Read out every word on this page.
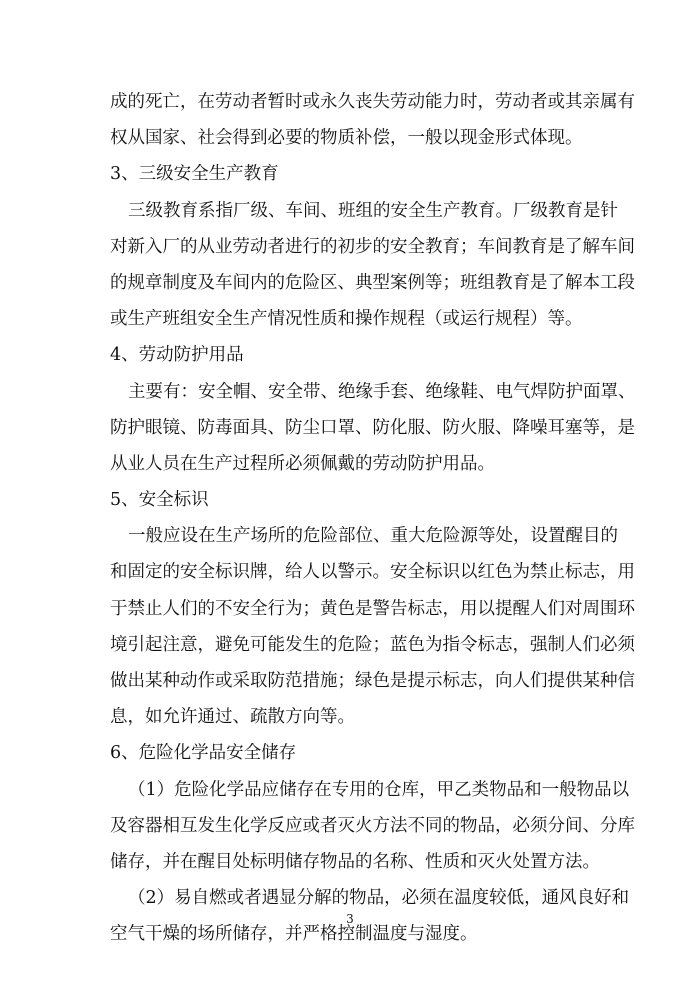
成的死亡，在劳动者暂时或永久丧失劳动能力时，劳动者或其亲属有
权从国家、社会得到必要的物质补偿，一般以现金形式体现。
3、三级安全生产教育
三级教育系指厂级、车间、班组的安全生产教育。厂级教育是针
对新入厂的从业劳动者进行的初步的安全教育；车间教育是了解车间
的规章制度及车间内的危险区、典型案例等；班组教育是了解本工段
或生产班组安全生产情况性质和操作规程（或运行规程）等。
4、劳动防护用品
主要有：安全帽、安全带、绝缘手套、绝缘鞋、电气焊防护面罩、
防护眼镜、防毒面具、防尘口罩、防化服、防火服、降噪耳塞等，是
从业人员在生产过程所必须佩戴的劳动防护用品。
5、安全标识
一般应设在生产场所的危险部位、重大危险源等处，设置醒目的
和固定的安全标识牌，给人以警示。安全标识以红色为禁止标志，用
于禁止人们的不安全行为；黄色是警告标志，用以提醒人们对周围环
境引起注意，避免可能发生的危险；蓝色为指令标志，强制人们必须
做出某种动作或采取防范措施；绿色是提示标志，向人们提供某种信
息，如允许通过、疏散方向等。
6、危险化学品安全储存
（1）危险化学品应储存在专用的仓库，甲乙类物品和一般物品以
及容器相互发生化学反应或者灭火方法不同的物品，必须分间、分库
储存，并在醒目处标明储存物品的名称、性质和灭火处置方法。
（2）易自燃或者遇显分解的物品，必须在温度较低，通风良好和
空气干燥的场所储存，并严格控制温度与湿度。
3
